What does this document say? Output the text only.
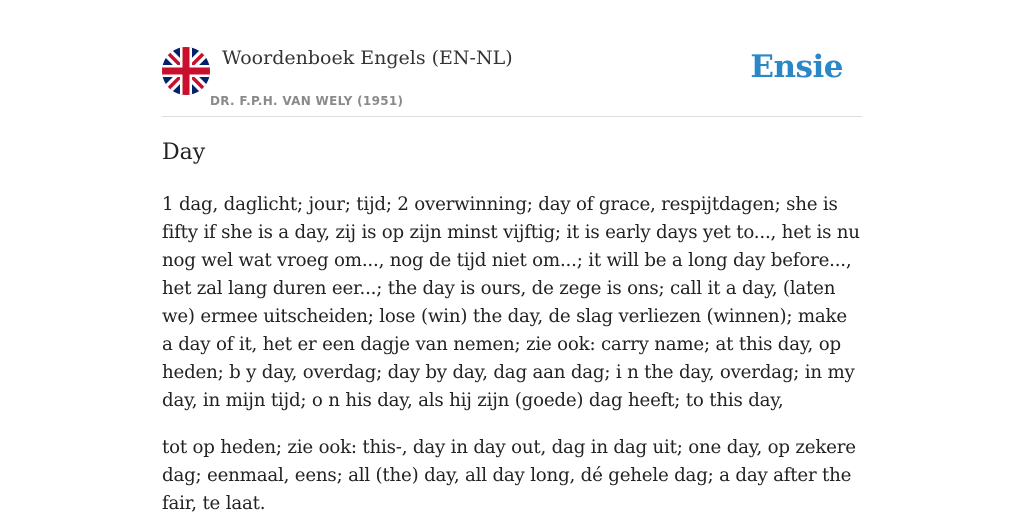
Woordenboek Engels (EN-NL)
DR. F.P.H. VAN WELY (1951)
Ensie
Day

1 dag, daglicht; jour; tijd; 2 overwinning; day of grace, respijtdagen; she is fifty if she is a day, zij is op zijn minst vijftig; it is early days yet to..., het is nu nog wel wat vroeg om..., nog de tijd niet om...; it will be a long day before..., het zal lang duren eer...; the day is ours, de zege is ons; call it a day, (laten we) ermee uitscheiden; lose (win) the day, de slag verliezen (winnen); make a day of it, het er een dagje van nemen; zie ook: carry name; at this day, op heden; b y day, overdag; day by day, dag aan dag; i n the day, overdag; in my day, in mijn tijd; o n his day, als hij zijn (goede) dag heeft; to this day,

tot op heden; zie ook: this-, day in day out, dag in dag uit; one day, op zekere dag; eenmaal, eens; all (the) day, all day long, dé gehele dag; a day after the fair, te laat.
